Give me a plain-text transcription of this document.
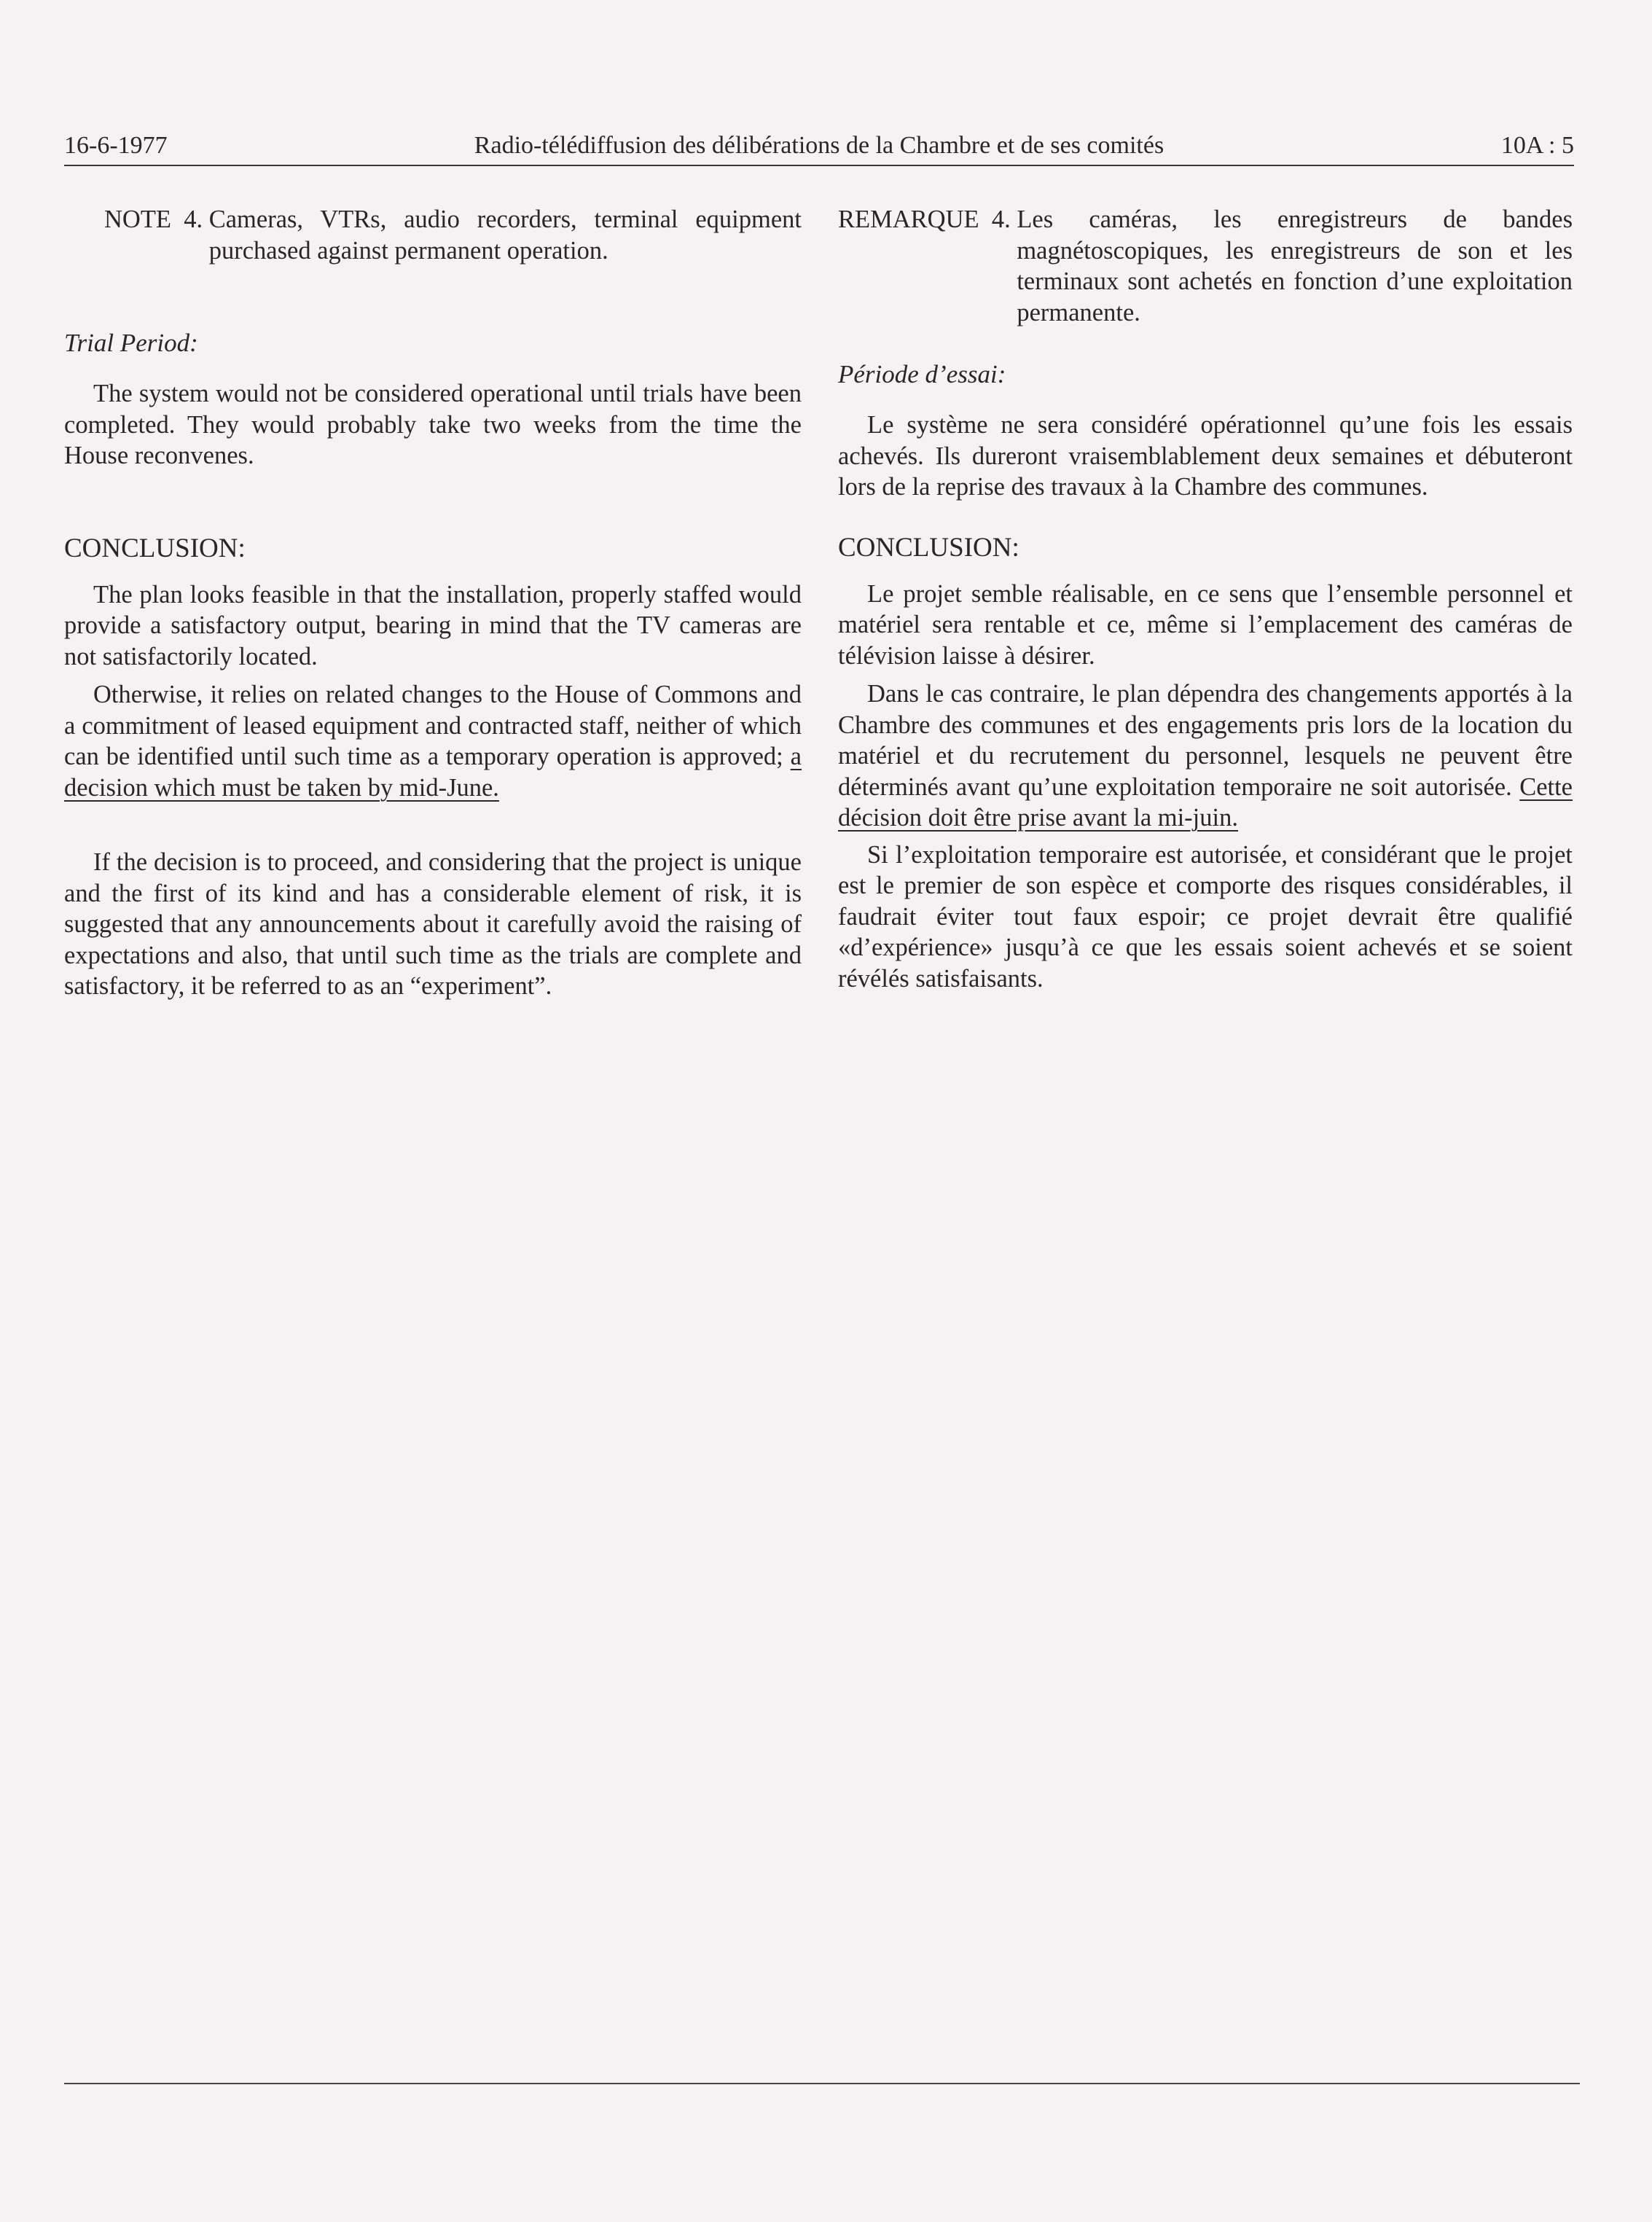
16-6-1977	Radio-télédiffusion des délibérations de la Chambre et de ses comités	10A : 5
NOTE  4. Cameras, VTRs, audio recorders, terminal equipment purchased against permanent operation.

Trial Period:

The system would not be considered operational until trials have been completed. They would probably take two weeks from the time the House reconvenes.

CONCLUSION:

The plan looks feasible in that the installation, properly staffed would provide a satisfactory output, bearing in mind that the TV cameras are not satisfactorily located.

Otherwise, it relies on related changes to the House of Commons and a commitment of leased equipment and contracted staff, neither of which can be identified until such time as a temporary operation is approved; a decision which must be taken by mid-June.

If the decision is to proceed, and considering that the project is unique and the first of its kind and has a considerable element of risk, it is suggested that any announcements about it carefully avoid the raising of expectations and also, that until such time as the trials are complete and satisfactory, it be referred to as an “experiment”.

REMARQUE  4. Les caméras, les enregistreurs de bandes magnétoscopiques, les enregistreurs de son et les terminaux sont achetés en fonction d’une exploitation permanente.

Période d’essai:

Le système ne sera considéré opérationnel qu’une fois les essais achevés. Ils dureront vraisemblablement deux semaines et débuteront lors de la reprise des travaux à la Chambre des communes.

CONCLUSION:

Le projet semble réalisable, en ce sens que l’ensemble personnel et matériel sera rentable et ce, même si l’emplacement des caméras de télévision laisse à désirer.

Dans le cas contraire, le plan dépendra des changements apportés à la Chambre des communes et des engagements pris lors de la location du matériel et du recrutement du personnel, lesquels ne peuvent être déterminés avant qu’une exploitation temporaire ne soit autorisée. Cette décision doit être prise avant la mi-juin.

Si l’exploitation temporaire est autorisée, et considérant que le projet est le premier de son espèce et comporte des risques considérables, il faudrait éviter tout faux espoir; ce projet devrait être qualifié «d’expérience» jusqu’à ce que les essais soient achevés et se soient révélés satisfaisants.
